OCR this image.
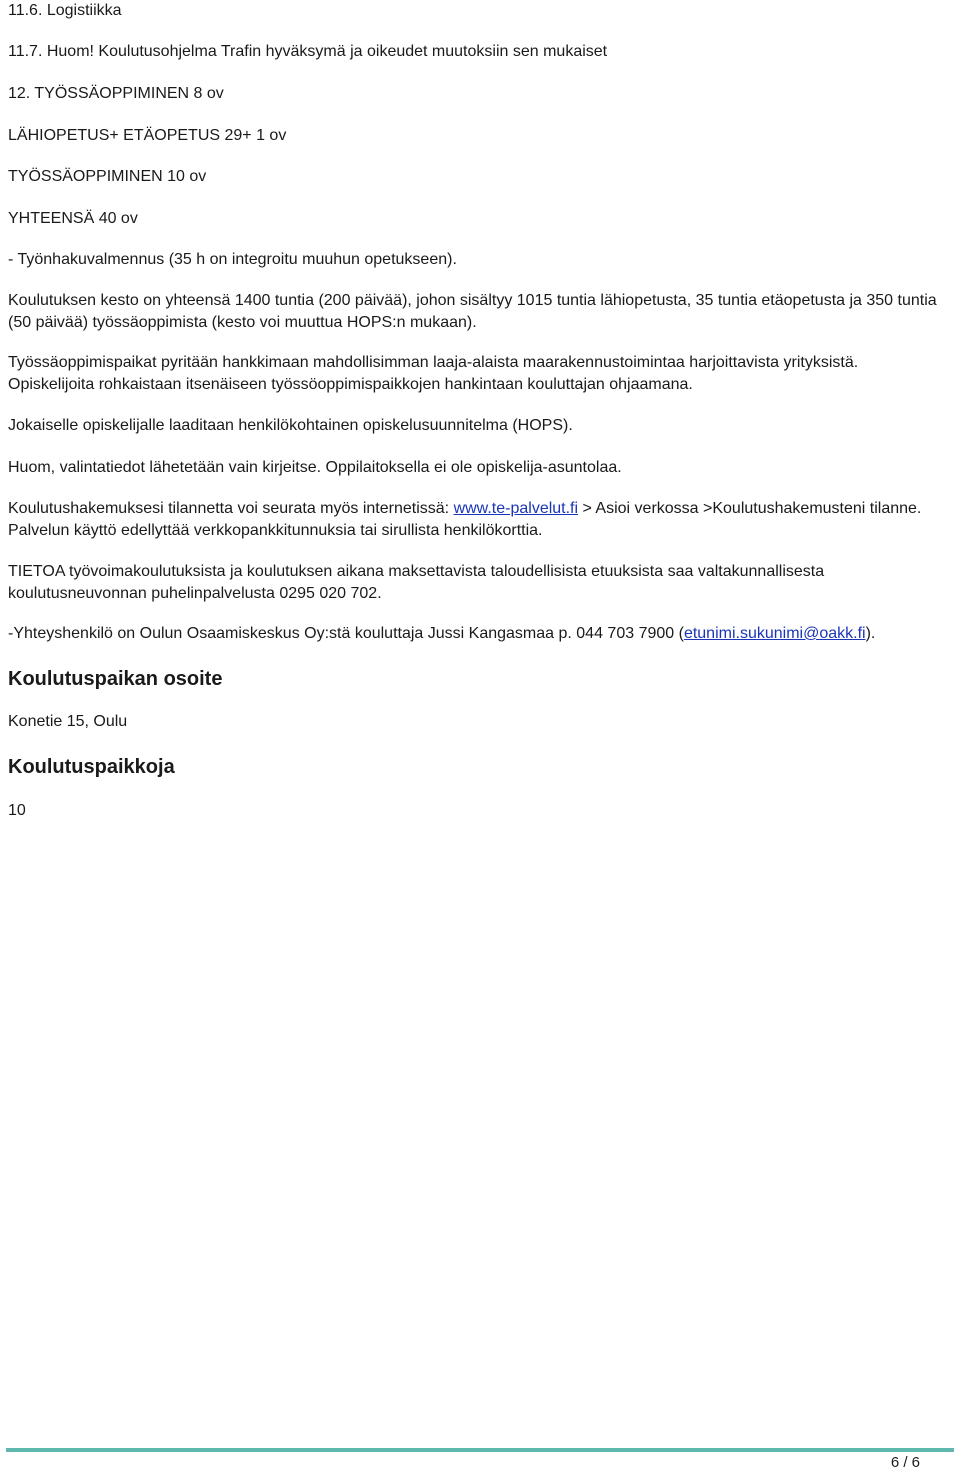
11.6. Logistiikka
11.7. Huom! Koulutusohjelma Trafin hyväksymä ja oikeudet muutoksiin sen mukaiset
12. TYÖSSÄOPPIMINEN 8 ov
LÄHIOPETUS+ ETÄOPETUS 29+ 1 ov
TYÖSSÄOPPIMINEN 10 ov
YHTEENSÄ 40 ov
- Työnhakuvalmennus (35 h on integroitu muuhun opetukseen).
Koulutuksen kesto on yhteensä 1400 tuntia (200 päivää), johon sisältyy 1015 tuntia lähiopetusta, 35 tuntia etäopetusta ja 350 tuntia (50 päivää) työssäoppimista (kesto voi muuttua HOPS:n mukaan).
Työssäoppimispaikat pyritään hankkimaan mahdollisimman laaja-alaista maarakennustoimintaa harjoittavista yrityksistä. Opiskelijoita rohkaistaan itsenäiseen työssöoppimispaikkojen hankintaan kouluttajan ohjaamana.
Jokaiselle opiskelijalle laaditaan henkilökohtainen opiskelusuunnitelma (HOPS).
Huom, valintatiedot lähetetään vain kirjeitse. Oppilaitoksella ei ole opiskelija-asuntolaa.
Koulutushakemuksesi tilannetta voi seurata myös internetissä: www.te-palvelut.fi > Asioi verkossa >Koulutushakemusteni tilanne. Palvelun käyttö edellyttää verkkopankkitunnuksia tai sirullista henkilökorttia.
TIETOA työvoimakoulutuksista ja koulutuksen aikana maksettavista taloudellisista etuuksista saa valtakunnallisesta koulutusneuvonnan puhelinpalvelusta 0295 020 702.
-Yhteyshenkilö on Oulun Osaamiskeskus Oy:stä kouluttaja Jussi Kangasmaa p. 044 703 7900 (etunimi.sukunimi@oakk.fi).
Koulutuspaikan osoite
Konetie 15, Oulu
Koulutuspaikkoja
10
6 / 6
